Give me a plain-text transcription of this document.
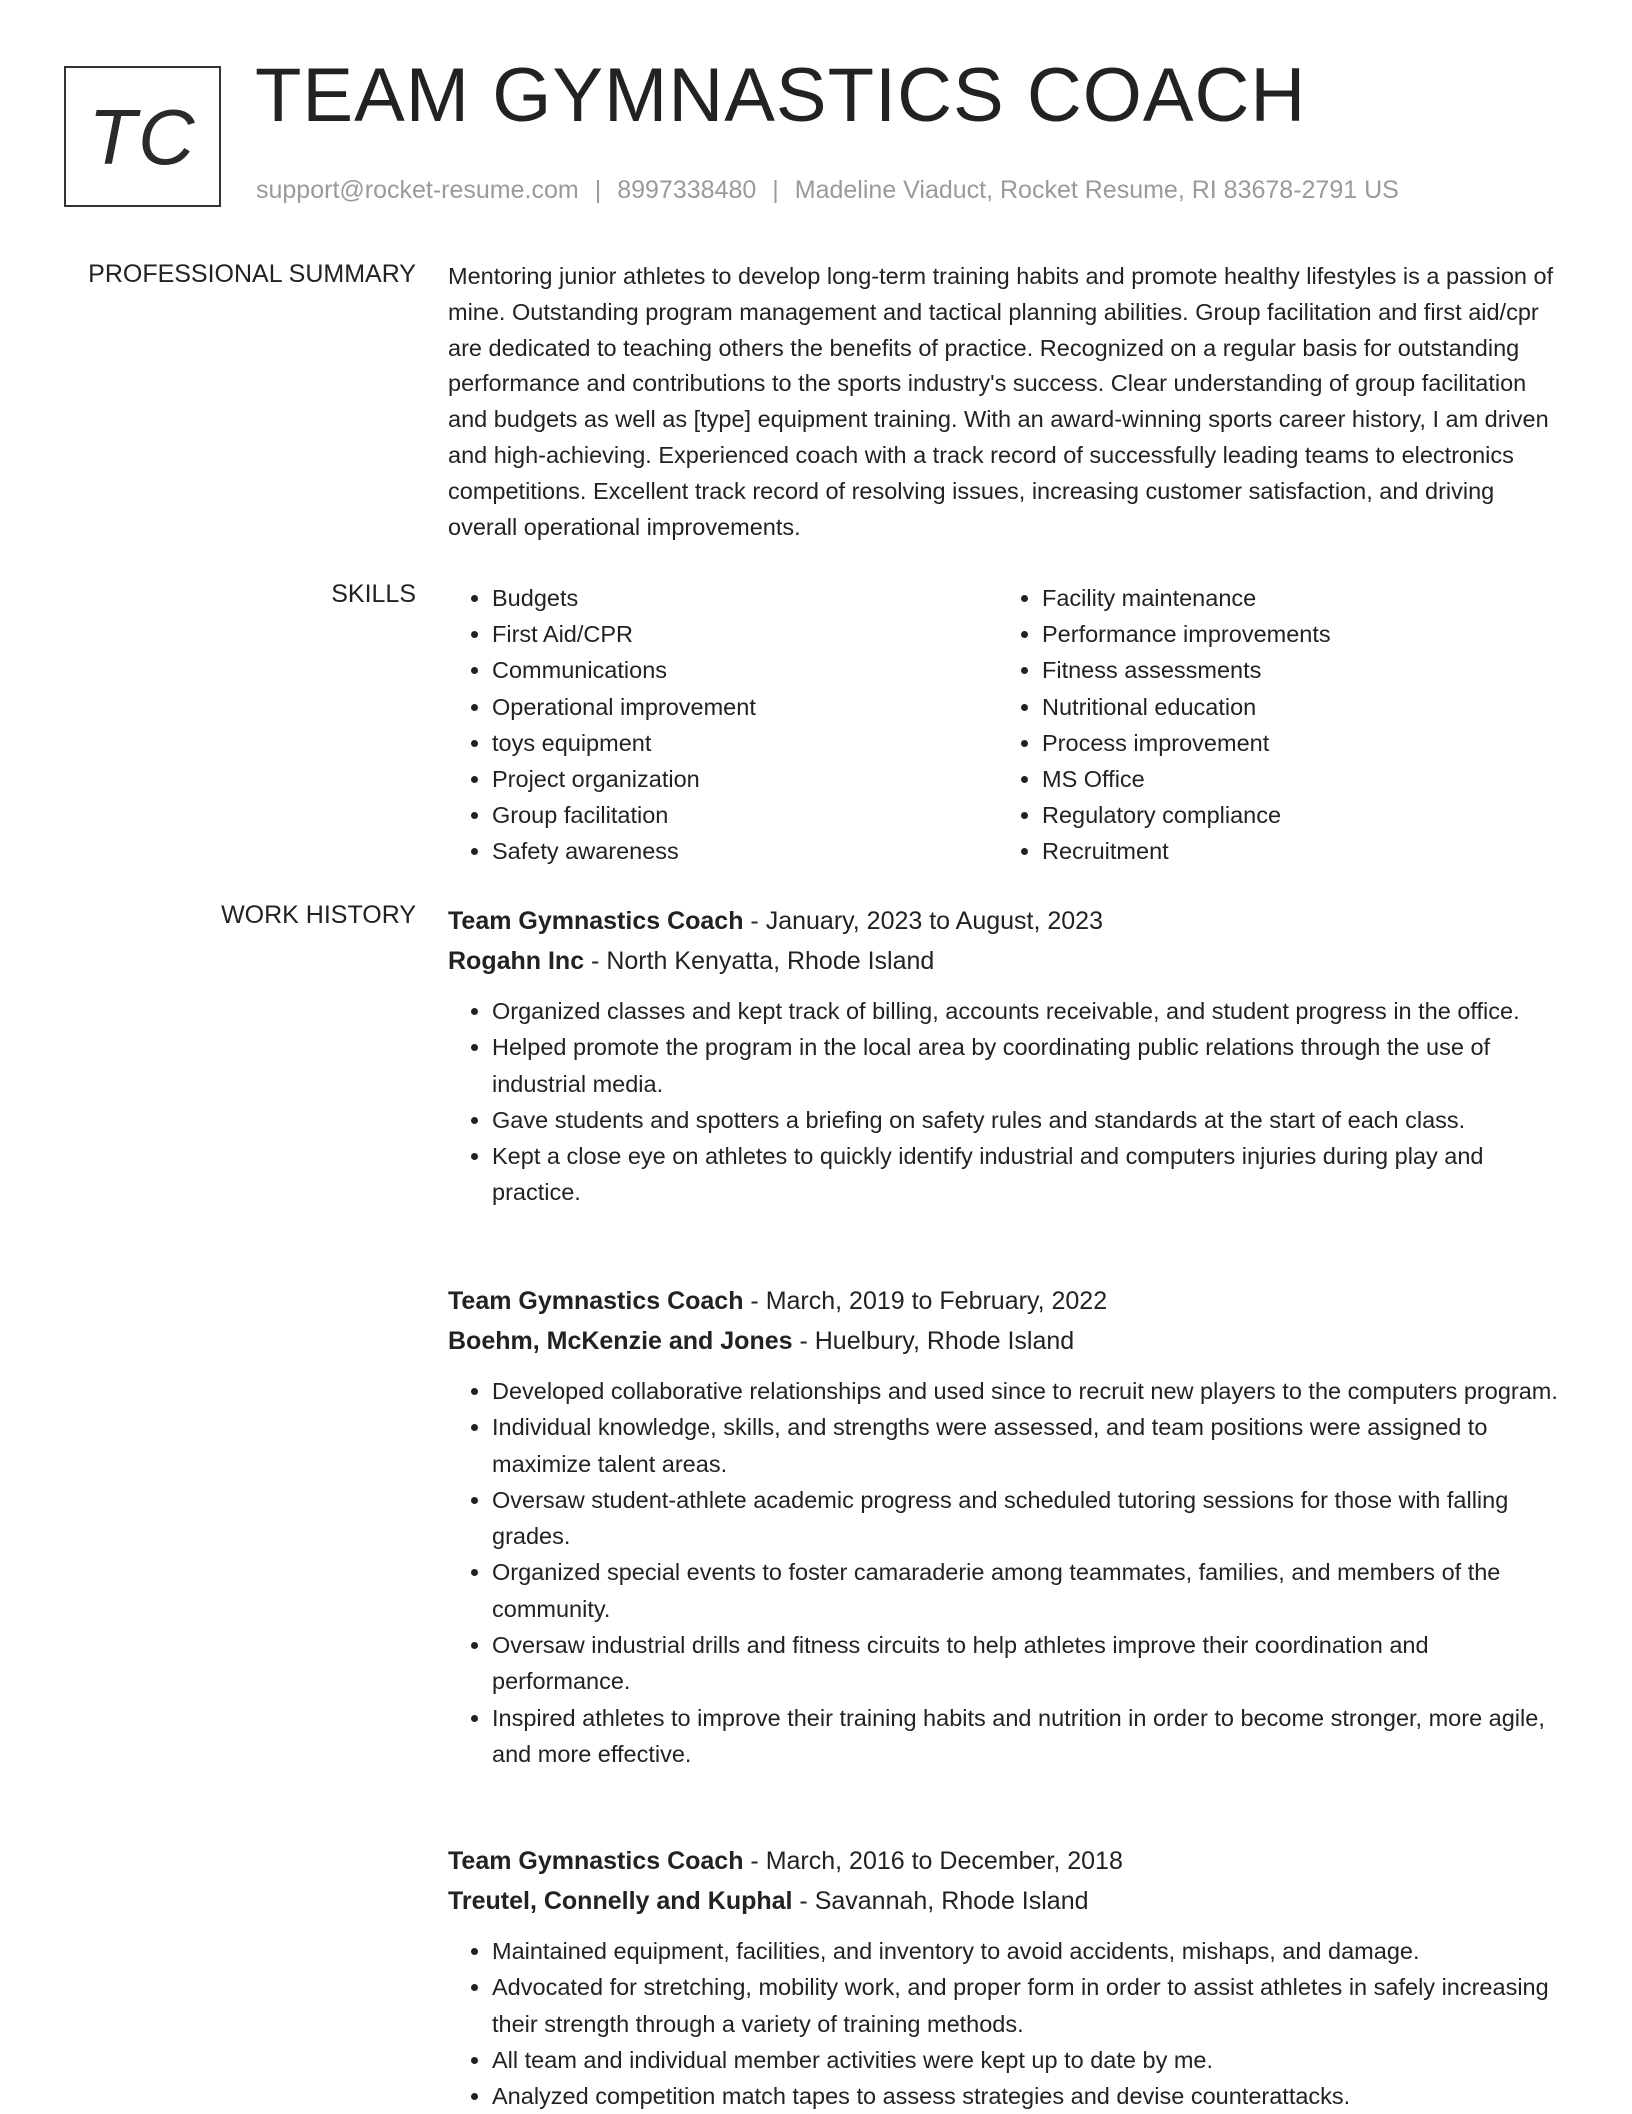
TC TEAM GYMNASTICS COACH
support@rocket-resume.com | 8997338480 | Madeline Viaduct, Rocket Resume, RI 83678-2791 US
PROFESSIONAL SUMMARY Mentoring junior athletes to develop long-term training habits and promote healthy lifestyles is a passion of mine. Outstanding program management and tactical planning abilities. Group facilitation and first aid/cpr are dedicated to teaching others the benefits of practice. Recognized on a regular basis for outstanding performance and contributions to the sports industry's success. Clear understanding of group facilitation and budgets as well as [type] equipment training. With an award-winning sports career history, I am driven and high-achieving. Experienced coach with a track record of successfully leading teams to electronics competitions. Excellent track record of resolving issues, increasing customer satisfaction, and driving overall operational improvements.

SKILLS
•	Budgets
• First Aid/CPR
• Communications
• Operational improvement
• toys equipment
• Project organization
• Group facilitation
• Safety awareness
• Facility maintenance
• Performance improvements
• Fitness assessments
• Nutritional education
• Process improvement
• MS Office
• Regulatory compliance
• Recruitment
WORK HISTORY Team Gymnastics Coach - January, 2023 to August, 2023
Rogahn Inc - North Kenyatta, Rhode Island
• Organized classes and kept track of billing, accounts receivable, and student progress in the office.
• Helped promote the program in the local area by coordinating public relations through the use of industrial media.
• Gave students and spotters a briefing on safety rules and standards at the start of each class.
• Kept a close eye on athletes to quickly identify industrial and computers injuries during play and practice.
Team Gymnastics Coach - March, 2019 to February, 2022
Boehm, McKenzie and Jones - Huelbury, Rhode Island
• Developed collaborative relationships and used since to recruit new players to the computers program.
• Individual knowledge, skills, and strengths were assessed, and team positions were assigned to maximize talent areas.
• Oversaw student-athlete academic progress and scheduled tutoring sessions for those with falling grades.
• Organized special events to foster camaraderie among teammates, families, and members of the community.
• Oversaw industrial drills and fitness circuits to help athletes improve their coordination and performance.
• Inspired athletes to improve their training habits and nutrition in order to become stronger, more agile, and more effective.
Team Gymnastics Coach - March, 2016 to December, 2018
Treutel, Connelly and Kuphal - Savannah, Rhode Island
• Maintained equipment, facilities, and inventory to avoid accidents, mishaps, and damage.
• Advocated for stretching, mobility work, and proper form in order to assist athletes in safely increasing their strength through a variety of training methods.
• All team and individual member activities were kept up to date by me.
• Analyzed competition match tapes to assess strategies and devise counterattacks.
